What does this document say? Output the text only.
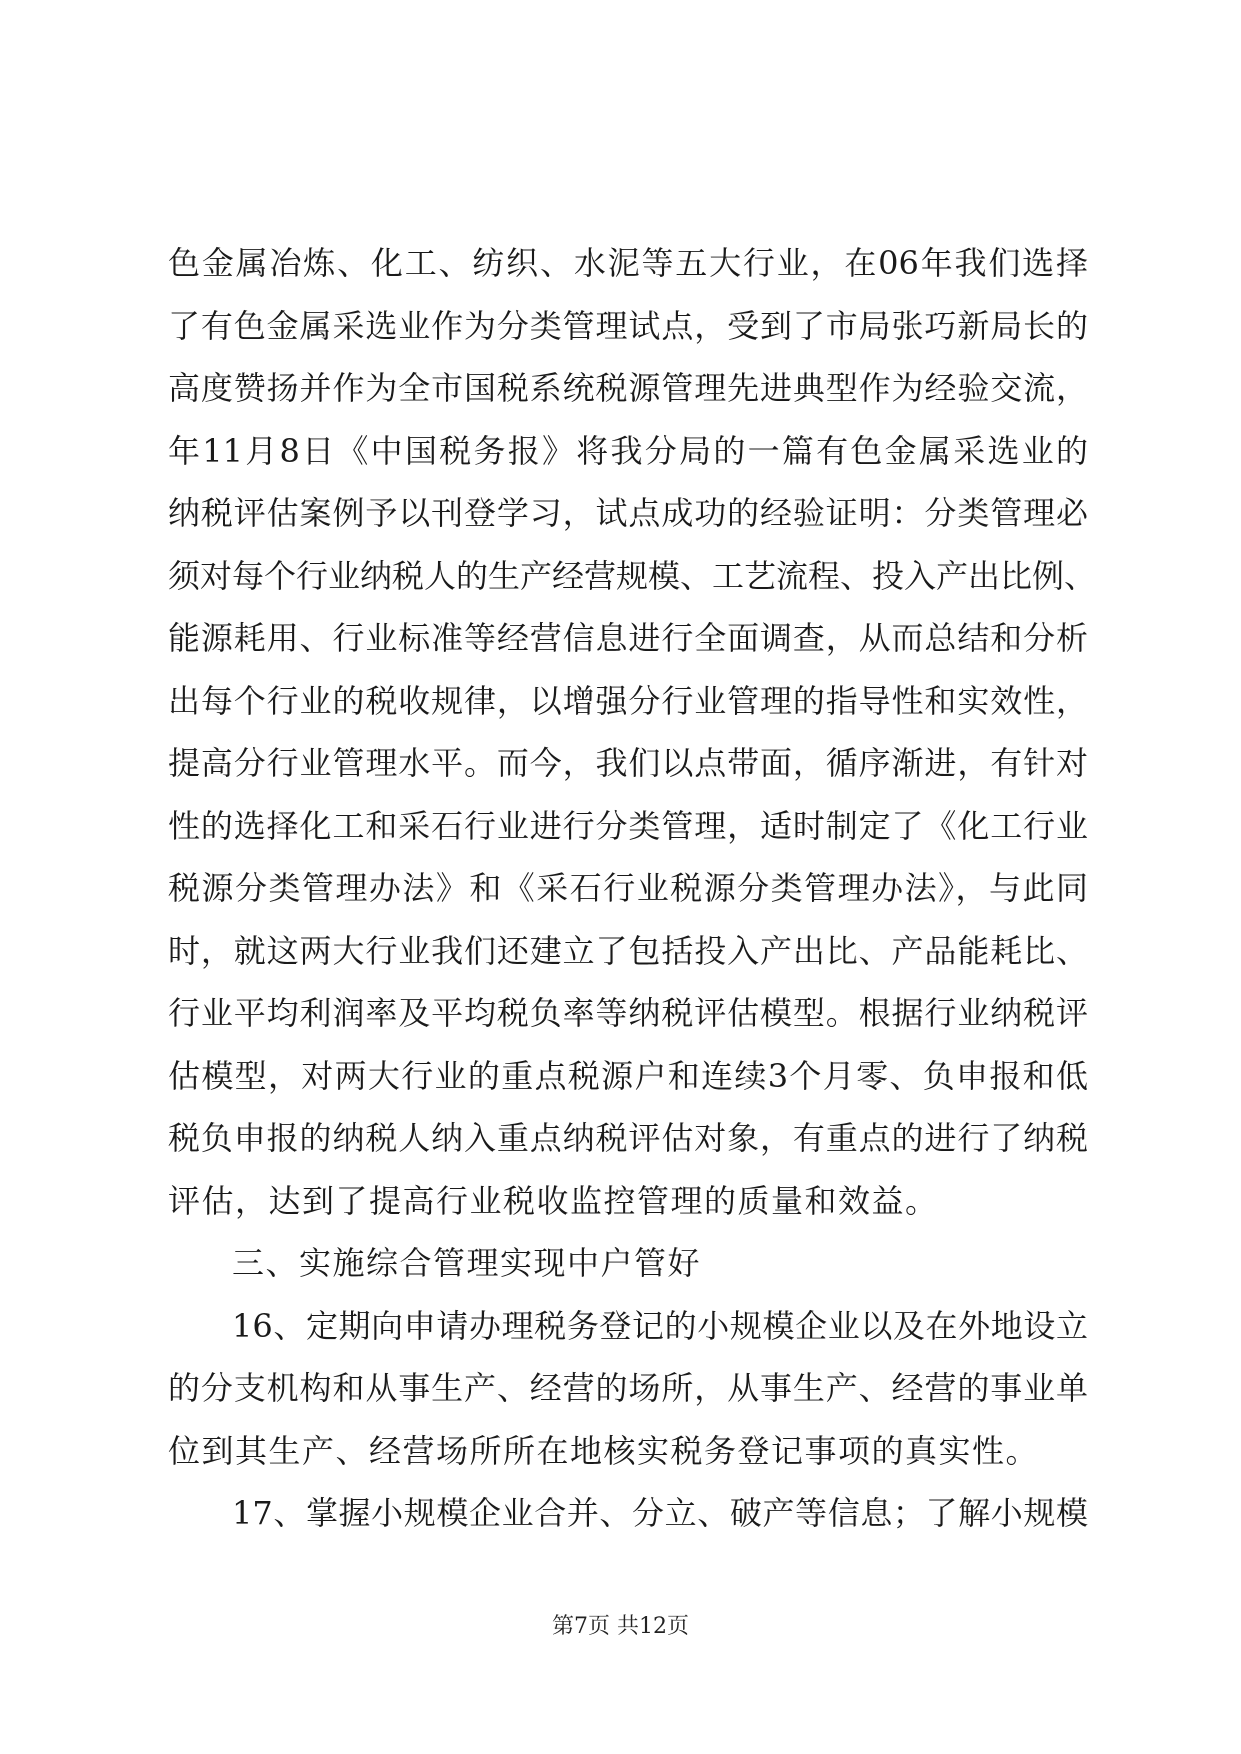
色金属冶炼、化工、纺织、水泥等五大行业，在06年我们选择
了有色金属采选业作为分类管理试点，受到了市局张巧新局长的
高度赞扬并作为全市国税系统税源管理先进典型作为经验交流，
年11月8日《中国税务报》将我分局的一篇有色金属采选业的
纳税评估案例予以刊登学习，试点成功的经验证明：分类管理必
须对每个行业纳税人的生产经营规模、工艺流程、投入产出比例、
能源耗用、行业标准等经营信息进行全面调查，从而总结和分析
出每个行业的税收规律，以增强分行业管理的指导性和实效性，
提高分行业管理水平。而今，我们以点带面，循序渐进，有针对
性的选择化工和采石行业进行分类管理，适时制定了《化工行业
税源分类管理办法》和《采石行业税源分类管理办法》，与此同
时，就这两大行业我们还建立了包括投入产出比、产品能耗比、
行业平均利润率及平均税负率等纳税评估模型。根据行业纳税评
估模型，对两大行业的重点税源户和连续3个月零、负申报和低
税负申报的纳税人纳入重点纳税评估对象，有重点的进行了纳税
评估，达到了提高行业税收监控管理的质量和效益。
三、实施综合管理实现中户管好
16、定期向申请办理税务登记的小规模企业以及在外地设立
的分支机构和从事生产、经营的场所，从事生产、经营的事业单
位到其生产、经营场所所在地核实税务登记事项的真实性。
17、掌握小规模企业合并、分立、破产等信息；了解小规模
第7页 共12页
